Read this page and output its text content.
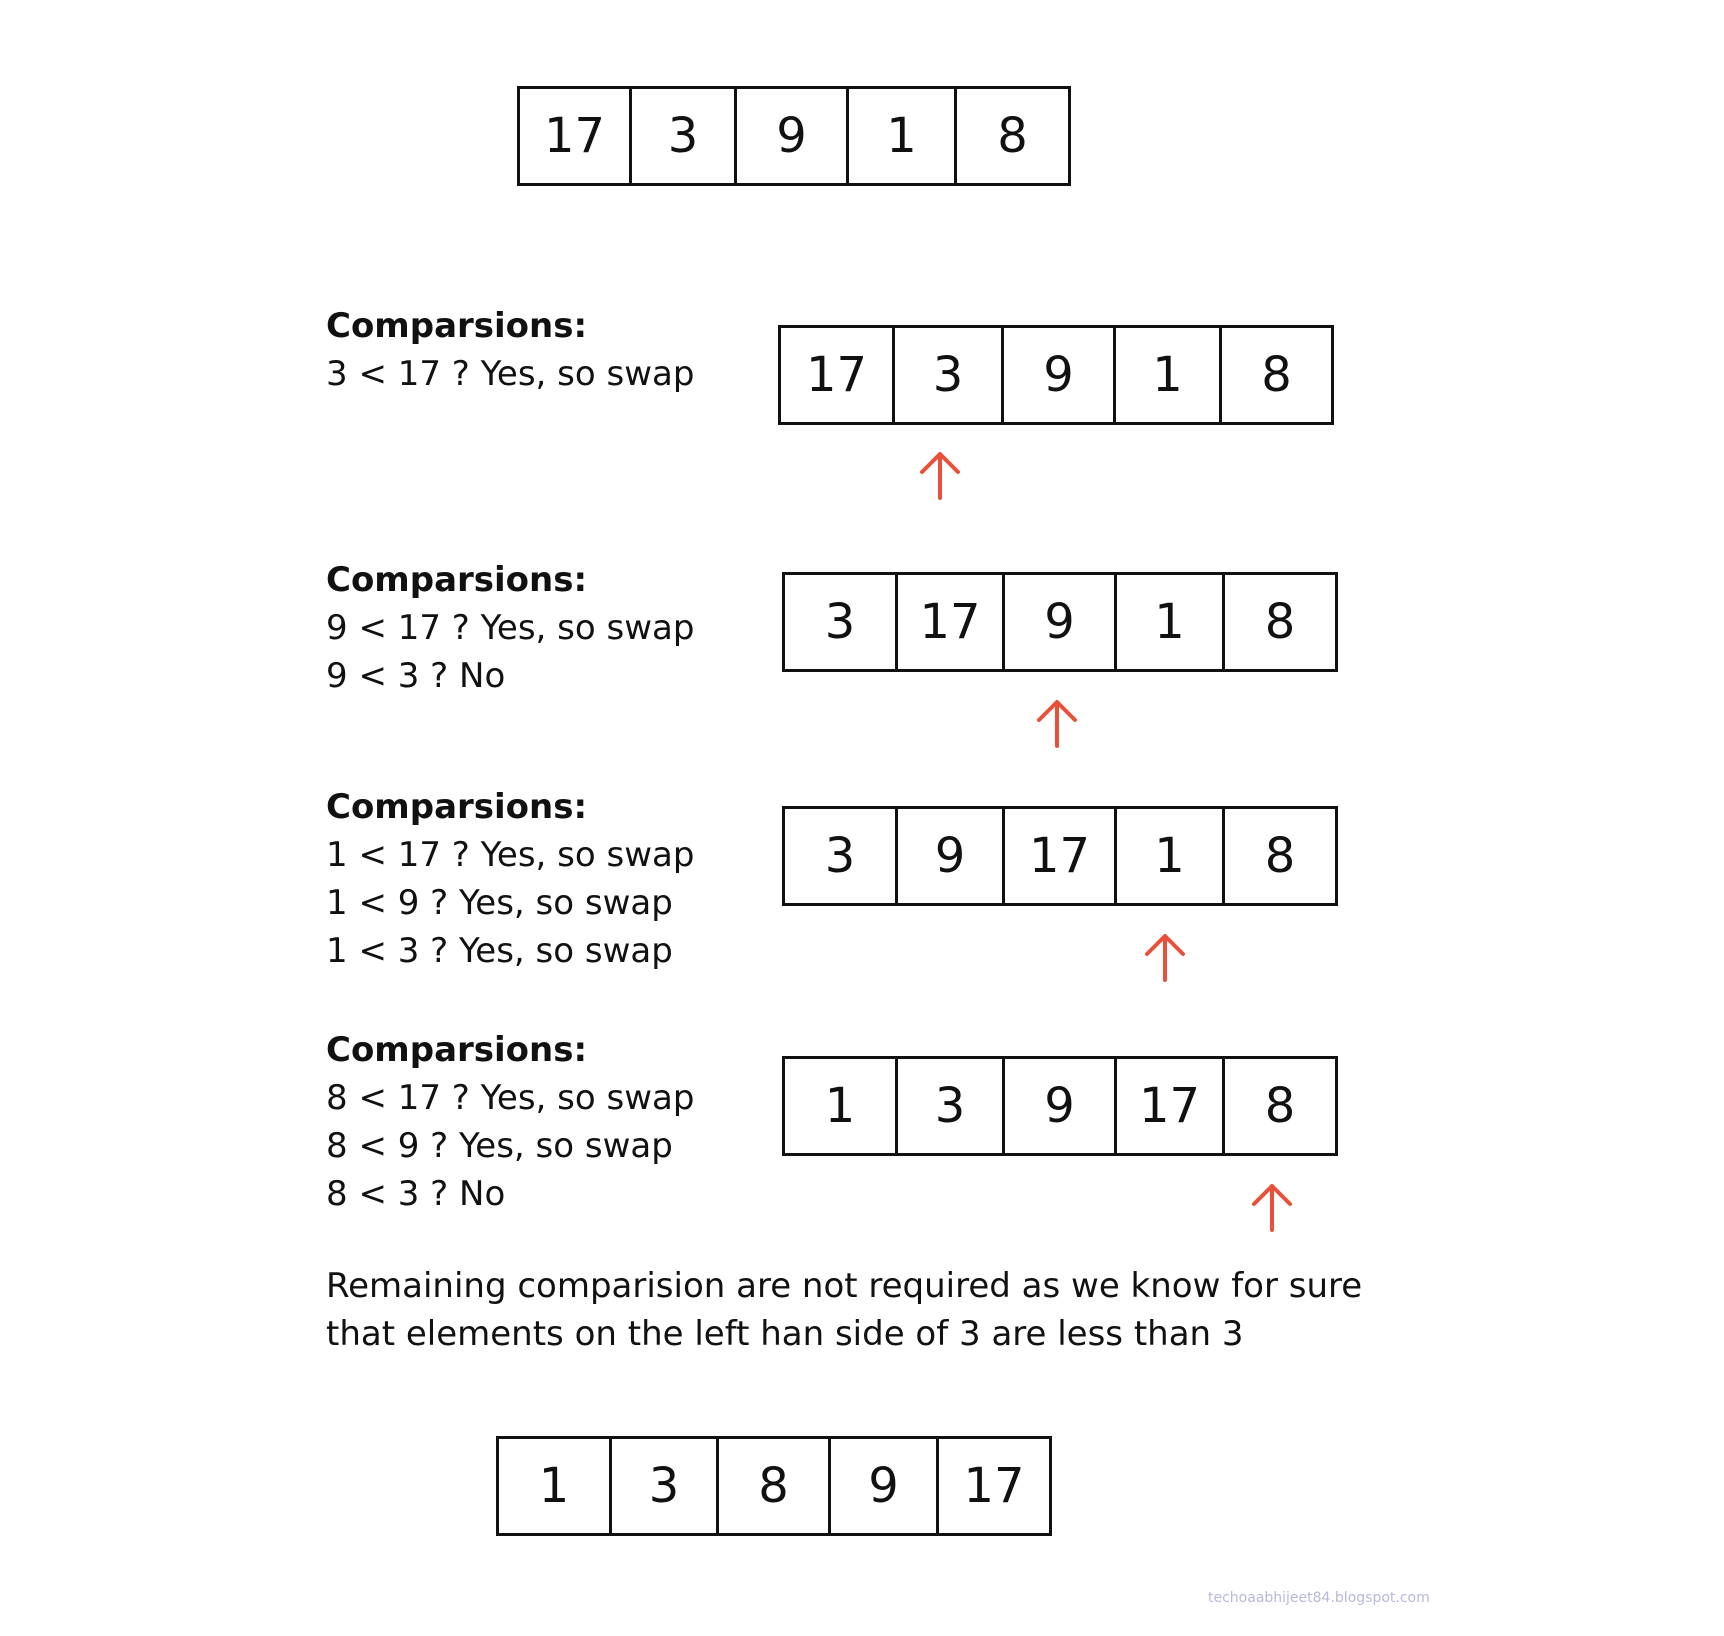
17	3	9	1	8
Comparsions:
3 < 17 ? Yes, so swap	17	3	9	1	8
Comparsions:
9 < 17 ? Yes, so swap
9 < 3 ? No
3	17	9	1	8
Comparsions:
1 < 17 ? Yes, so swap
1 < 9 ? Yes, so swap
1 < 3 ? Yes, so swap
3	9	17	1	8
Comparsions:
8 < 17 ? Yes, so swap
8 < 9 ? Yes, so swap
8 < 3 ? No
1	3	9	17	8
Remaining comparision are not required as we know for sure
that elements on the left han side of 3 are less than 3
1	3	8	9	17
techoaabhijeet84.blogspot.com
